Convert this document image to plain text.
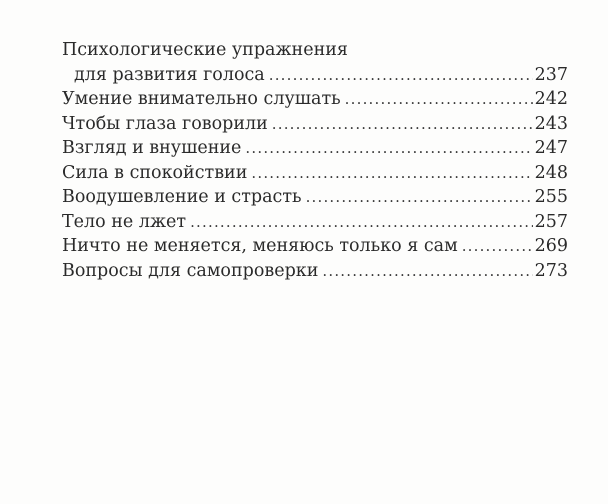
Психологические упражнения
для развития голоса .....	237
Умение внимательно слушать .....	242
Чтобы глаза говорили .....	243
Взгляд и внушение .....	247
Сила в спокойствии .....	248
Воодушевление и страсть .....	255
Тело не лжет .....	257
Ничто не меняется, меняюсь только я сам .....	269
Вопросы для самопроверки .....	273
